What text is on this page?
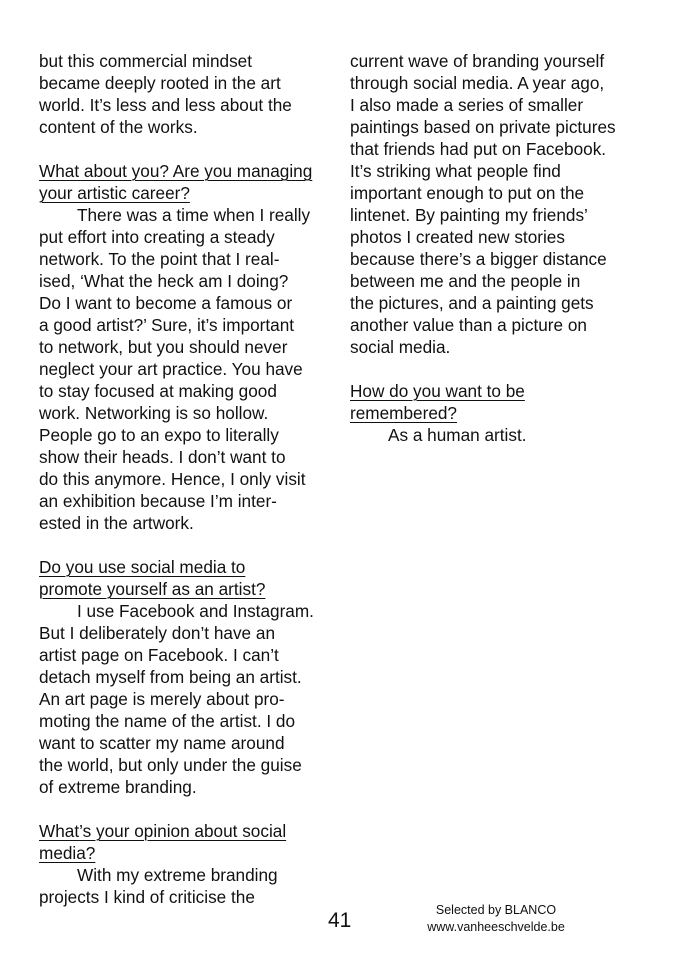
but this commercial mindset
became deeply rooted in the art
world. It’s less and less about the
content of the works.
What about you? Are you managing
your artistic career?
There was a time when I really
put effort into creating a steady
network. To the point that I real-
ised, ‘What the heck am I doing?
Do I want to become a famous or
a good artist?’ Sure, it’s important
to network, but you should never
neglect your art practice. You have
to stay focused at making good
work. Networking is so hollow.
People go to an expo to literally
show their heads. I don’t want to
do this anymore. Hence, I only visit
an exhibition because I’m inter-
ested in the artwork.
Do you use social media to
promote yourself as an artist?
I use Facebook and Instagram.
But I deliberately don’t have an
artist page on Facebook. I can’t
detach myself from being an artist.
An art page is merely about pro-
moting the name of the artist. I do
want to scatter my name around
the world, but only under the guise
of extreme branding.
What’s your opinion about social
media?
With my extreme branding
projects I kind of criticise the
current wave of branding yourself
through social media. A year ago,
I also made a series of smaller
paintings based on private pictures
that friends had put on Facebook.
It’s striking what people find
important enough to put on the
lintenet. By painting my friends’
photos I created new stories
because there’s a bigger distance
between me and the people in
the pictures, and a painting gets
another value than a picture on
social media.
How do you want to be
remembered?
As a human artist.
41	Selected by BLANCO
www.vanheeschvelde.be
